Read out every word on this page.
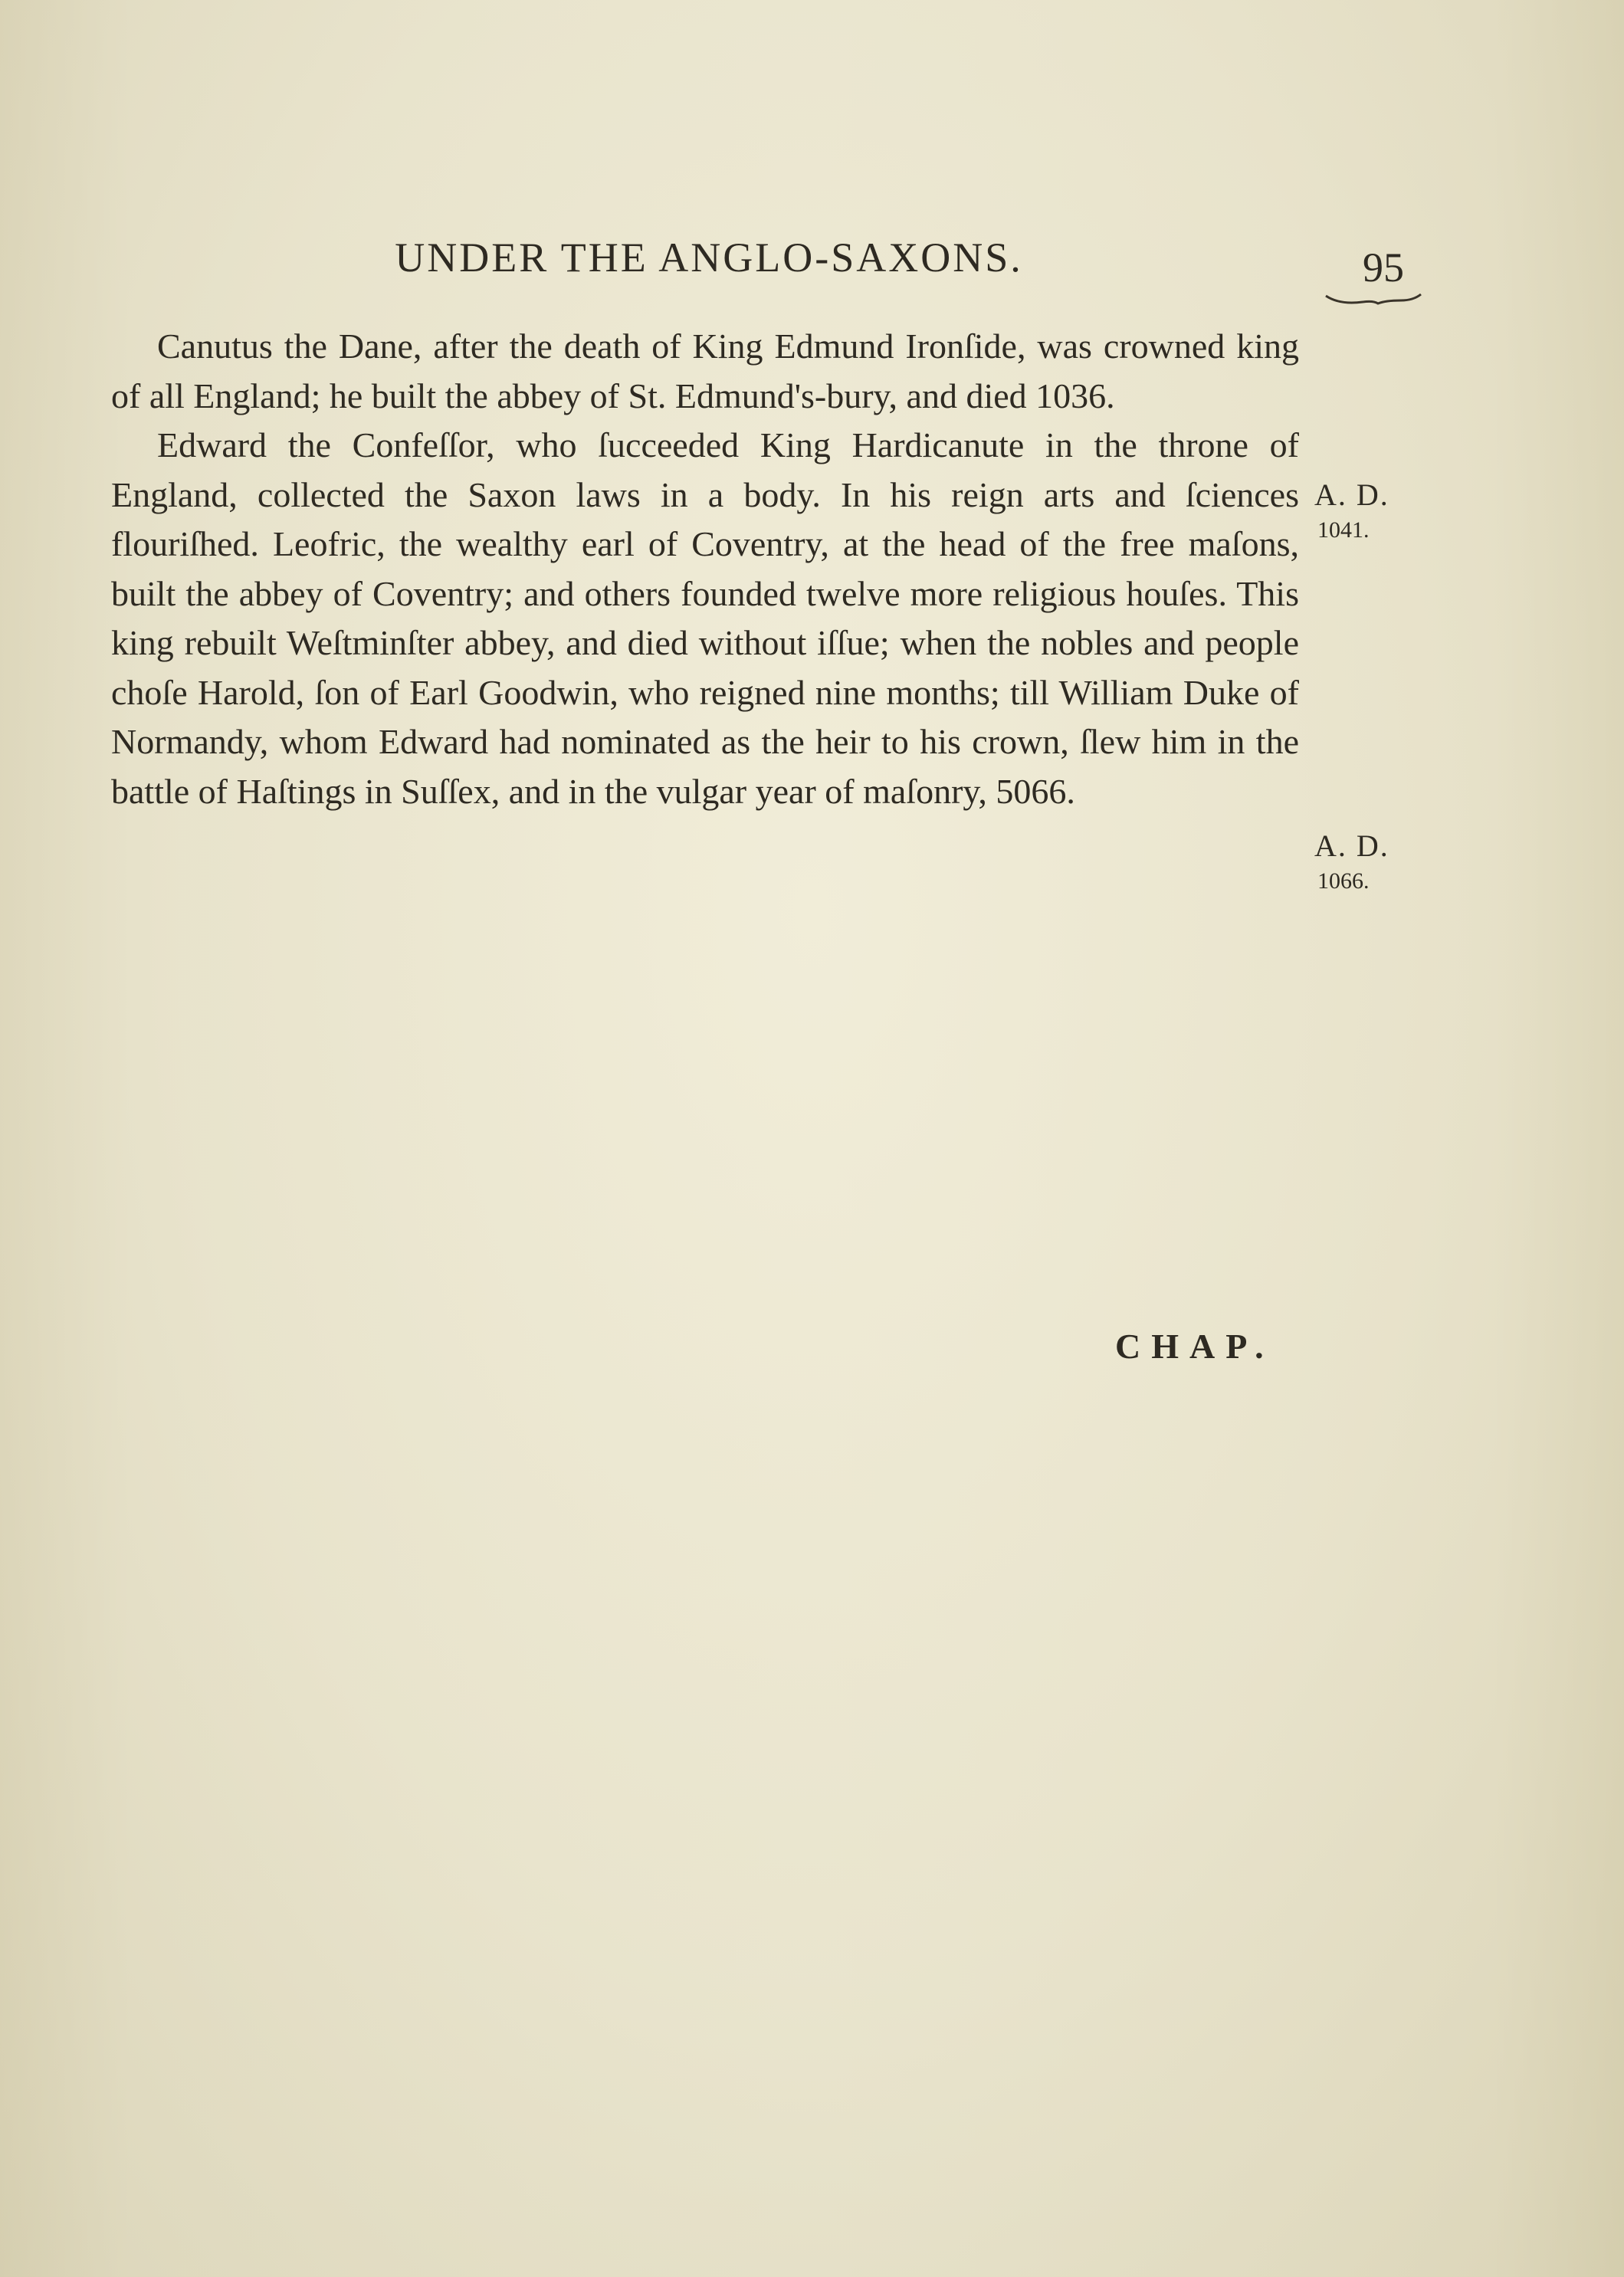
UNDER THE ANGLO-SAXONS.	95

Canutus the Dane, after the death of King Edmund Ironſide, was crowned king of all England; he built the abbey of St. Edmund's-bury, and died 1036.

Edward the Confeſſor, who ſucceeded King Hardicanute in the throne of England, collected the Saxon laws in a body. In his reign arts and ſciences flouriſhed. Leofric, the wealthy earl of Coventry, at the head of the free maſons, built the abbey of Coventry; and others founded twelve more religious houſes. This king rebuilt Weſtminſter abbey, and died without iſſue; when the nobles and people choſe Harold, ſon of Earl Goodwin, who reigned nine months; till William Duke of Normandy, whom Edward had nominated as the heir to his crown, ſlew him in the battle of Haſtings in Suſſex, and in the vulgar year of maſonry, 5066.

A. D.
1041.
A. D.
1066.
CHAP.
